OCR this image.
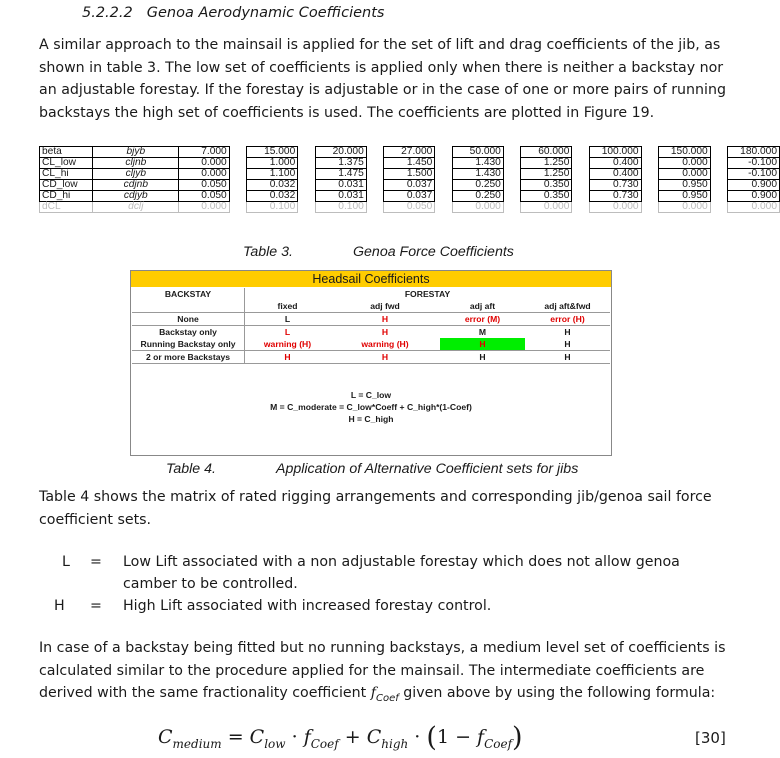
5.2.2.2 Genoa Aerodynamic Coefficients

A similar approach to the mainsail is applied for the set of lift and drag coefficients of the jib, as shown in table 3. The low set of coefficients is applied only when there is neither a backstay nor an adjustable forestay. If the forestay is adjustable or in the case of one or more pairs of running backstays the high set of coefficients is used. The coefficients are plotted in Figure 19.

beta	bjyb	7.000		15.000		20.000		27.000		50.000		60.000		100.000		150.000		180.000
CL_low	cljnb	0.000		1.000		1.375		1.450		1.430		1.250		0.400		0.000		-0.100
CL_hi	cljyb	0.000		1.100		1.475		1.500		1.430		1.250		0.400		0.000		-0.100
CD_low	cdjnb	0.050		0.032		0.031		0.037		0.250		0.350		0.730		0.950		0.900
CD_hi	cdjyb	0.050		0.032		0.031		0.037		0.250		0.350		0.730		0.950		0.900
dCL	dclj	0.000		0.100		0.100		0.050		0.000		0.000		0.000		0.000		0.000
Table 3.	Genoa Force Coefficients
Headsail Coefficients
BACKSTAY	FORESTAY			
	fixed	adj fwd	adj aft	adj aft&fwd
None	L	H	error (M)	error (H)
Backstay only	L	H	M	H
Running Backstay only	warning (H)	warning (H)	H	H
2 or more Backstays	H	H	H	H
L = C_low
M = C_moderate = C_low*Coeff + C_high*(1-Coef)
H = C_high
Table 4.	Application of Alternative Coefficient sets for jibs

Table 4 shows the matrix of rated rigging arrangements and corresponding jib/genoa sail force coefficient sets.

L	= Low Lift associated with a non adjustable forestay which does not allow genoa
camber to be controlled.
H	= High Lift associated with increased forestay control.

In case of a backstay being fitted but no running backstays, a medium level set of coefficients is calculated similar to the procedure applied for the mainsail. The intermediate coefficients are derived with the same fractionality coefficient $f_{Coef}$ given above by using the following formula:

$C_{medium} = C_{low} \cdot f_{Coef} + C_{high} \cdot (1 - f_{Coef})$	[30]
